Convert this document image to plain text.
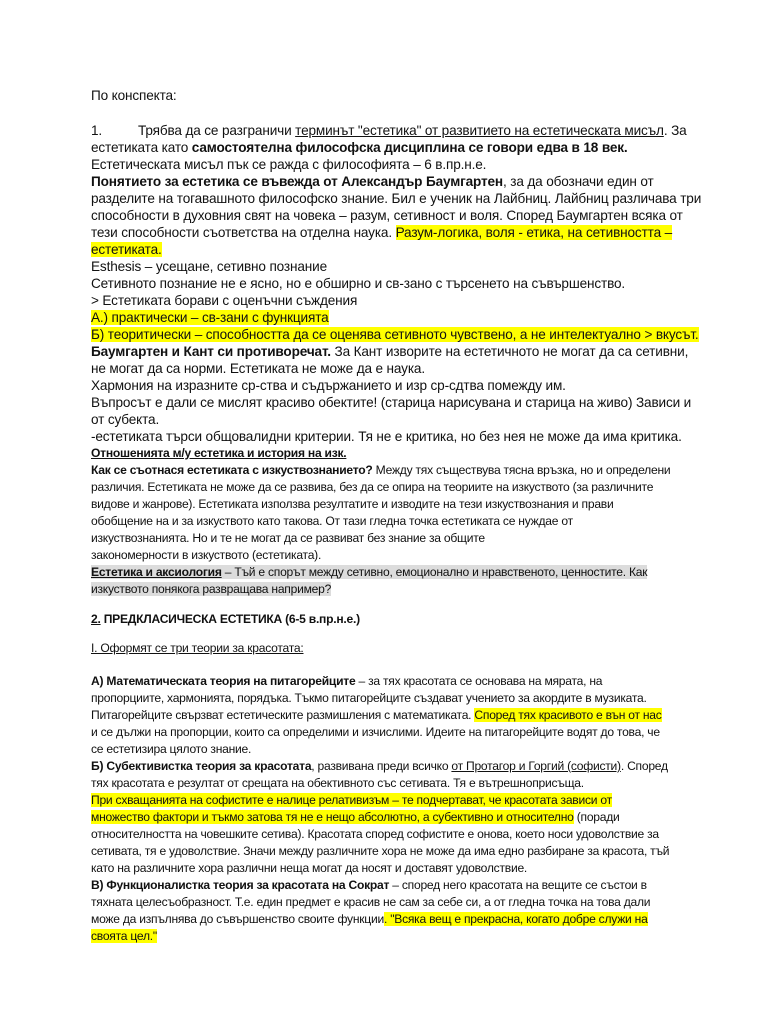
По конспекта:
1.	Трябва да се разграничи терминът "естетика" от развитието на естетическата мисъл. За
естетиката като самостоятелна философска дисциплина се говори едва в 18 век.
Естетическата мисъл пък се ражда с философията – 6 в.пр.н.е.
Понятието за естетика се въвежда от Александър Баумгартен, за да обозначи един от
разделите на тогавашното философско знание. Бил е ученик на Лайбниц. Лайбниц различава три
способности в духовния свят на човека – разум, сетивност и воля. Според Баумгартен всяка от
тези способности съответства на отделна наука. Разум-логика, воля - етика, на сетивността –
естетиката.
Esthesis – усещане, сетивно познание
Сетивното познание не е ясно, но е обширно и св-зано с търсенето на съвършенство.
> Естетиката борави с оценъчни съждения
А.) практически – св-зани с функцията
Б) теоритически – способността да се оценява сетивното чувствено, а не интелектуално > вкусът.
Баумгартен и Кант си противоречат. За Кант изворите на естетичното не могат да са сетивни,
не могат да са норми. Естетиката не може да е наука.
Хармония на изразните ср-ства и съдържанието и изр ср-сдтва помежду им.
Въпросът е дали се мислят красиво обектите! (старица нарисувана и старица на живо) Зависи и
от субекта.
-естетиката търси общовалидни критерии. Тя не е критика, но без нея не може да има критика.
Отношенията м/у естетика и история на изк.
Как се съотнася естетиката с изкуствознанието? Между тях съществува тясна връзка, но и определени
различия. Естетиката не може да се развива, без да се опира на теориите на изкуството (за различните
видове и жанрове). Естетиката използва резултатите и изводите на тези изкуствознания и прави
обобщение на и за изкуството като такова. От тази гледна точка естетиката се нуждае от
изкуствознанията. Но и те не могат да се развиват без знание за общите
закономерности в изкуството (естетиката).
Естетика и аксиология – Тъй е спорът между сетивно, емоционално и нравственото, ценностите. Как
изкуството понякога развращава например?
2. ПРЕДКЛАСИЧЕСКА ЕСТЕТИКА (6-5 в.пр.н.е.)
I. Оформят се три теории за красотата:
А) Математическата теория на питагорейците – за тях красотата се основава на мярата, на
пропорциите, хармонията, порядъка. Тъкмо питагорейците създават учението за акордите в музиката.
Питагорейците свързват естетическите размишления с математиката. Според тях красивото е вън от нас
и се дължи на пропорции, които са определими и изчислими. Идеите на питагорейците водят до това, че
се естетизира цялото знание.
Б) Субективистка теория за красотата, развивана преди всичко от Протагор и Горгий (софисти). Според
тях красотата е резултат от срещата на обективното със сетивата. Тя е вътрешноприсъща.
При схващанията на софистите е налице релативизъм – те подчертават, че красотата зависи от
множество фактори и тъкмо затова тя не е нещо абсолютно, а субективно и относително (поради
относителността на човешките сетива). Красотата според софистите е онова, което носи удоволствие за
сетивата, тя е удоволствие. Значи между различните хора не може да има едно разбиране за красота, тъй
като на различните хора различни неща могат да носят и доставят удоволствие.
В) Функционалистка теория за красотата на Сократ – според него красотата на вещите се състои в
тяхната целесъобразност. Т.е. един предмет е красив не сам за себе си, а от гледна точка на това дали
може да изпълнява до съвършенство своите функции. "Всяка вещ е прекрасна, когато добре служи на
своята цел."
